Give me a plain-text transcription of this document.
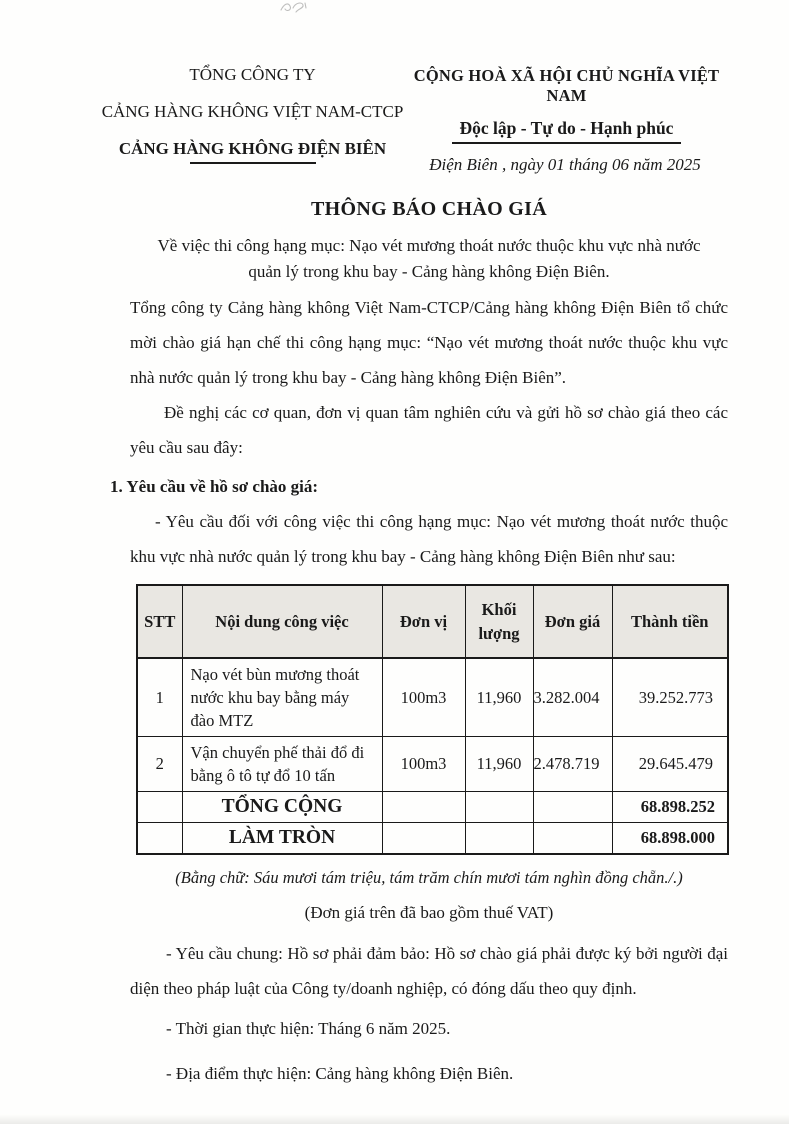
TỔNG CÔNG TY
CẢNG HÀNG KHÔNG VIỆT NAM-CTCP
CẢNG HÀNG KHÔNG ĐIỆN BIÊN
CỘNG HOÀ XÃ HỘI CHỦ NGHĨA VIỆT NAM
Độc lập - Tự do - Hạnh phúc
Điện Biên , ngày 01 tháng 06 năm 2025
THÔNG BÁO CHÀO GIÁ
Về việc thi công hạng mục: Nạo vét mương thoát nước thuộc khu vực nhà nước
quản lý trong khu bay - Cảng hàng không Điện Biên.

Tổng công ty Cảng hàng không Việt Nam-CTCP/Cảng hàng không Điện Biên tổ chức mời chào giá hạn chế thi công hạng mục: “Nạo vét mương thoát nước thuộc khu vực nhà nước quản lý trong khu bay - Cảng hàng không Điện Biên”.

Đề nghị các cơ quan, đơn vị quan tâm nghiên cứu và gửi hồ sơ chào giá theo các yêu cầu sau đây:

1. Yêu cầu về hồ sơ chào giá:

- Yêu cầu đối với công việc thi công hạng mục: Nạo vét mương thoát nước thuộc khu vực nhà nước quản lý trong khu bay - Cảng hàng không Điện Biên như sau:

STT	Nội dung công việc	Đơn vị	Khối lượng	Đơn giá	Thành tiền
1	Nạo vét bùn mương thoát nước khu bay bằng máy đào MTZ	100m3	11,960	3.282.004	39.252.773
2	Vận chuyển phế thải đổ đi bằng ô tô tự đổ 10 tấn	100m3	11,960	2.478.719	29.645.479
	TỔNG CỘNG				68.898.252
	LÀM TRÒN				68.898.000
(Bằng chữ: Sáu mươi tám triệu, tám trăm chín mươi tám nghìn đồng chẵn./.)
(Đơn giá trên đã bao gồm thuế VAT)

- Yêu cầu chung: Hồ sơ phải đảm bảo: Hồ sơ chào giá phải được ký bởi người đại diện theo pháp luật của Công ty/doanh nghiệp, có đóng dấu theo quy định.

- Thời gian thực hiện: Tháng 6 năm 2025.

- Địa điểm thực hiện: Cảng hàng không Điện Biên.
